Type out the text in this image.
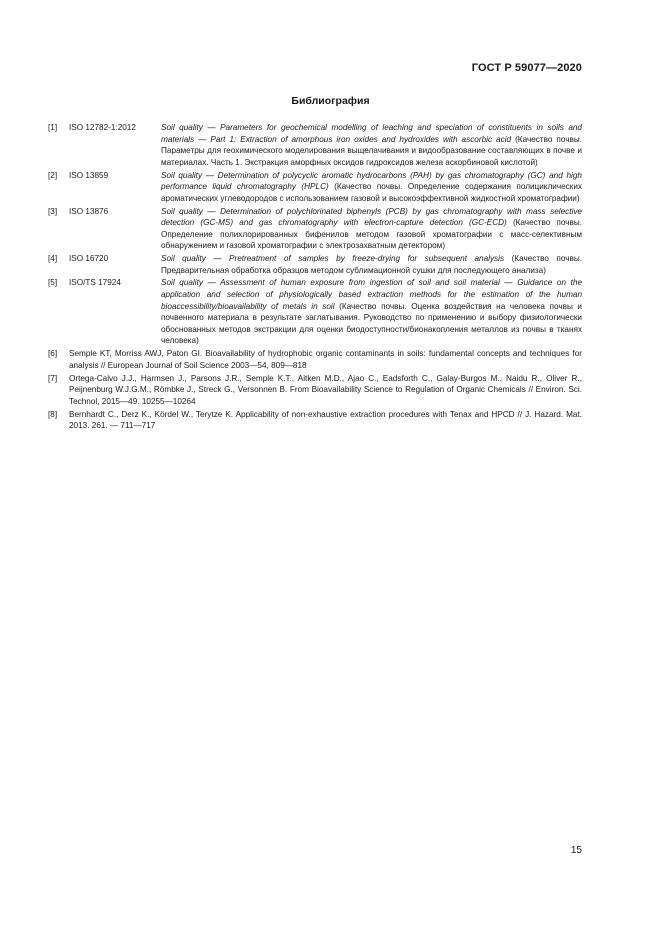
ГОСТ Р 59077—2020
Библиография
[1]	ISO 12782-1:2012	Soil quality — Parameters for geochemical modelling of leaching and speciation of constituents in soils and materials — Part 1: Extraction of amorphous iron oxides and hydroxides with ascorbic acid (Качество почвы. Параметры для геохимического моделирования выщелачивания и видообразование составляющих в почве и материалах. Часть 1. Экстракция аморфных оксидов гидроксидов железа аскорбиновой кислотой)
[2]	ISO 13859	Soil quality — Determination of polycyclic aromatic hydrocarbons (PAH) by gas chromatography (GC) and high performance liquid chromatography (HPLC) (Качество почвы. Определение содержания полициклических ароматических углеводородов с использованием газовой и высокоэффективной жидкостной хроматографии)
[3]	ISO 13876	Soil quality — Determination of polychlorinated biphenyls (PCB) by gas chromatography with mass selective detection (GC-MS) and gas chromatography with electron-capture detection (GC-ECD) (Качество почвы. Определение полихлорированных бифенилов методом газовой хроматографии с масс-селективным обнаружением и газовой хроматографии с электрозахватным детектором)
[4]	ISO 16720	Soil quality — Pretreatment of samples by freeze-drying for subsequent analysis (Качество почвы. Предварительная обработка образцов методом сублимационной сушки для последующего анализа)
[5]	ISO/TS 17924	Soil quality — Assessment of human exposure from ingestion of soil and soil material — Guidance on the application and selection of physiologically based extraction methods for the estimation of the human bioaccessibility/bioavailability of metals in soil (Качество почвы. Оценка воздействия на человека почвы и почвенного материала в результате заглатывания. Руководство по применению и выбору физиологически обоснованных методов экстракции для оценки биодоступности/бионакопления металлов из почвы в тканях человека)
[6]	Semple KT, Morriss AWJ, Paton GI. Bioavailability of hydrophobic organic contaminants in soils: fundamental concepts and techniques for analysis // European Journal of Soil Science 2003—54, 809—818
[7]	Ortega-Calvo J.J., Harmsen J., Parsons J.R., Semple K.T., Aitken M.D., Ajao C., Eadsforth C., Galay-Burgos M., Naidu R., Oliver R., Peijnenburg W.J.G.M., Römbke J., Streck G., Versonnen B. From Bioavailability Science to Regulation of Organic Chemicals // Environ. Sci. Technol, 2015—49. 10255—10264
[8]	Bernhardt C., Derz K., Kördel W., Terytze K. Applicability of non-exhaustive extraction procedures with Tenax and HPCD // J. Hazard. Mat. 2013. 261. — 711—717
15
